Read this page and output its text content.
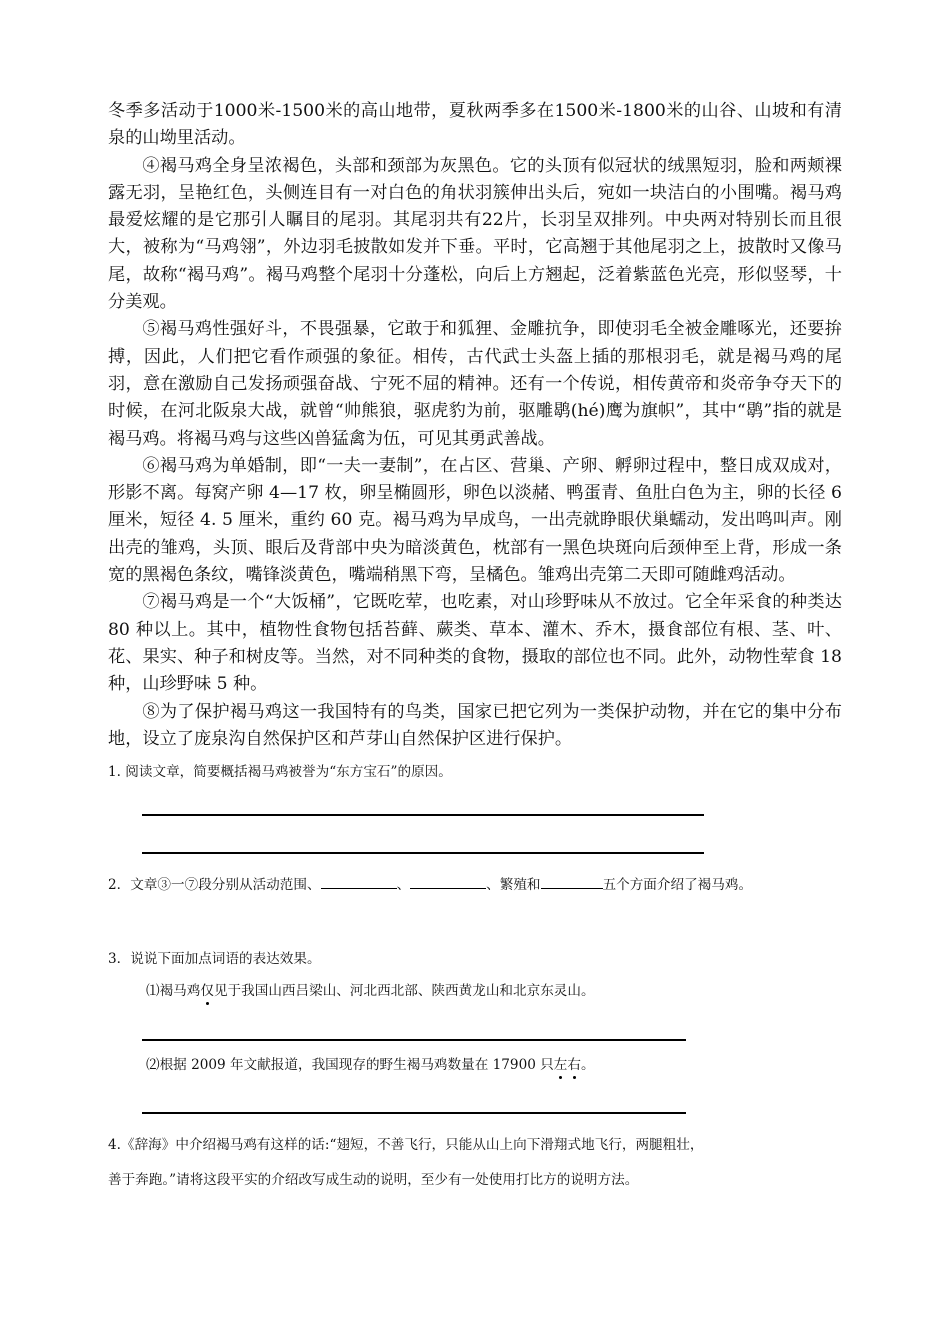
冬季多活动于1000米-1500米的高山地带，夏秋两季多在1500米-1800米的山谷、山坡和有清泉的山坳里活动。

④褐马鸡全身呈浓褐色，头部和颈部为灰黑色。它的头顶有似冠状的绒黑短羽，脸和两颊裸露无羽，呈艳红色，头侧连目有一对白色的角状羽簇伸出头后，宛如一块洁白的小围嘴。褐马鸡最爱炫耀的是它那引人瞩目的尾羽。其尾羽共有22片，长羽呈双排列。中央两对特别长而且很大，被称为“马鸡翎”，外边羽毛披散如发并下垂。平时，它高翘于其他尾羽之上，披散时又像马尾，故称“褐马鸡”。褐马鸡整个尾羽十分蓬松，向后上方翘起，泛着紫蓝色光亮，形似竖琴，十分美观。

⑤褐马鸡性强好斗，不畏强暴，它敢于和狐狸、金雕抗争，即使羽毛全被金雕啄光，还要拚搏，因此，人们把它看作顽强的象征。相传，古代武士头盔上插的那根羽毛，就是褐马鸡的尾羽，意在激励自己发扬顽强奋战、宁死不屈的精神。还有一个传说，相传黄帝和炎帝争夺天下的时候，在河北阪泉大战，就曾“帅熊狼，驱虎豹为前，驱雕鹖(hé)鹰为旗帜”，其中“鹖”指的就是褐马鸡。将褐马鸡与这些凶兽猛禽为伍，可见其勇武善战。

⑥褐马鸡为单婚制，即“一夫一妻制”，在占区、营巢、产卵、孵卵过程中，整日成双成对，形影不离。每窝产卵 4—17 枚，卵呈椭圆形，卵色以淡赭、鸭蛋青、鱼肚白色为主，卵的长径 6 厘米，短径 4. 5 厘米，重约 60 克。褐马鸡为早成鸟，一出壳就睁眼伏巢蠕动，发出鸣叫声。刚出壳的雏鸡，头顶、眼后及背部中央为暗淡黄色，枕部有一黑色块斑向后颈伸至上背，形成一条宽的黑褐色条纹，嘴锋淡黄色，嘴端稍黑下弯，呈橘色。雏鸡出壳第二天即可随雌鸡活动。

⑦褐马鸡是一个“大饭桶”，它既吃荤，也吃素，对山珍野味从不放过。它全年采食的种类达 80 种以上。其中，植物性食物包括苔藓、蕨类、草本、灌木、乔木，摄食部位有根、茎、叶、花、果实、种子和树皮等。当然，对不同种类的食物，摄取的部位也不同。此外，动物性荤食 18 种，山珍野味 5 种。

⑧为了保护褐马鸡这一我国特有的鸟类，国家已把它列为一类保护动物，并在它的集中分布地，设立了庞泉沟自然保护区和芦芽山自然保护区进行保护。

1. 阅读文章，简要概括褐马鸡被誉为“东方宝石”的原因。

2．文章③一⑦段分别从活动范围、	、	、繁殖和	五个方面介绍了褐马鸡。

3．说说下面加点词语的表达效果。

⑴褐马鸡仅见于我国山西吕梁山、河北西北部、陕西黄龙山和北京东灵山。

⑵根据 2009 年文献报道，我国现存的野生褐马鸡数量在 17900 只左右。

4.《辞海》中介绍褐马鸡有这样的话:“翅短，不善飞行，只能从山上向下滑翔式地飞行，两腿粗壮，

善于奔跑。”请将这段平实的介绍改写成生动的说明，至少有一处使用打比方的说明方法。
